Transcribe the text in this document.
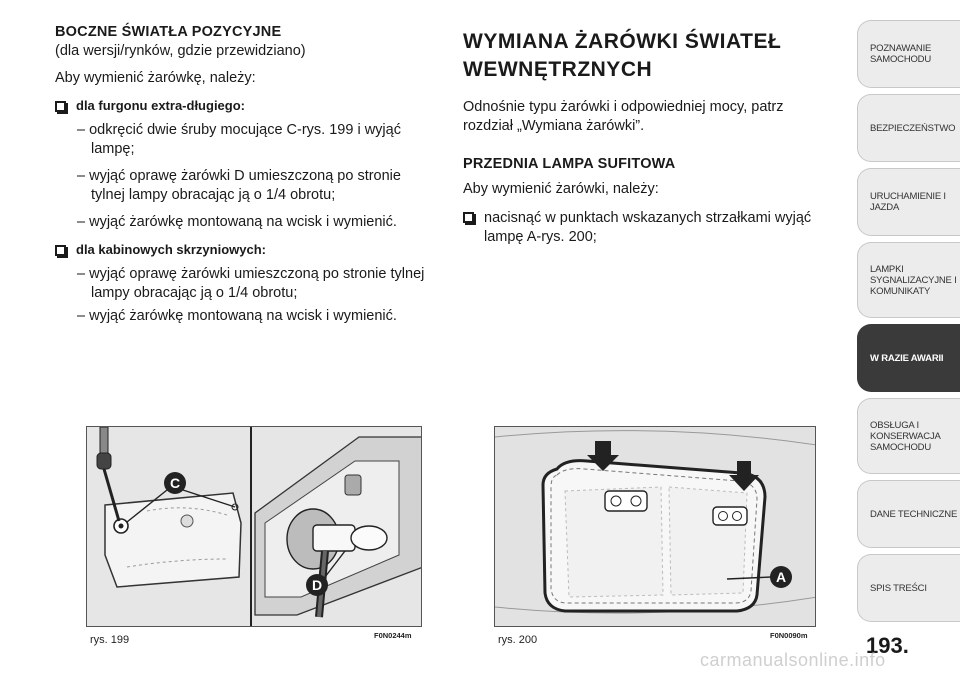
BOCZNE ŚWIATŁA POZYCYJNE
(dla wersji/rynków, gdzie przewidziano)
Aby wymienić żarówkę, należy:
dla furgonu extra-długiego:
– odkręcić dwie śruby mocujące C-rys. 199 i wyjąć lampę;
– wyjąć oprawę żarówki D umieszczoną po stronie tylnej lampy obracając ją o 1/4 obrotu;
– wyjąć żarówkę montowaną na wcisk i wymienić.
dla kabinowych skrzyniowych:
– wyjąć oprawę żarówki umieszczoną po stronie tylnej lampy obracając ją o 1/4 obrotu;
– wyjąć żarówkę montowaną na wcisk i wymienić.
WYMIANA ŻARÓWKI ŚWIATEŁ
WEWNĘTRZNYCH
Odnośnie typu żarówki i odpowiedniej mocy, patrz rozdział „Wymiana żarówki”.
PRZEDNIA LAMPA SUFITOWA
Aby wymienić żarówki, należy:
nacisnąć w punktach wskazanych strzałkami wyjąć lampę A-rys. 200;
C
D
rys. 199	F0N0244m
A
rys. 200	F0N0090m
POZNAWANIE SAMOCHODU
BEZPIECZEŃSTWO
URUCHAMIENIE I JAZDA
LAMPKI SYGNALIZACYJNE I KOMUNIKATY
W RAZIE AWARII
OBSŁUGA I KONSERWACJA SAMOCHODU
DANE TECHNICZNE
SPIS TREŚCI
193 .
carmanualsonline.info
